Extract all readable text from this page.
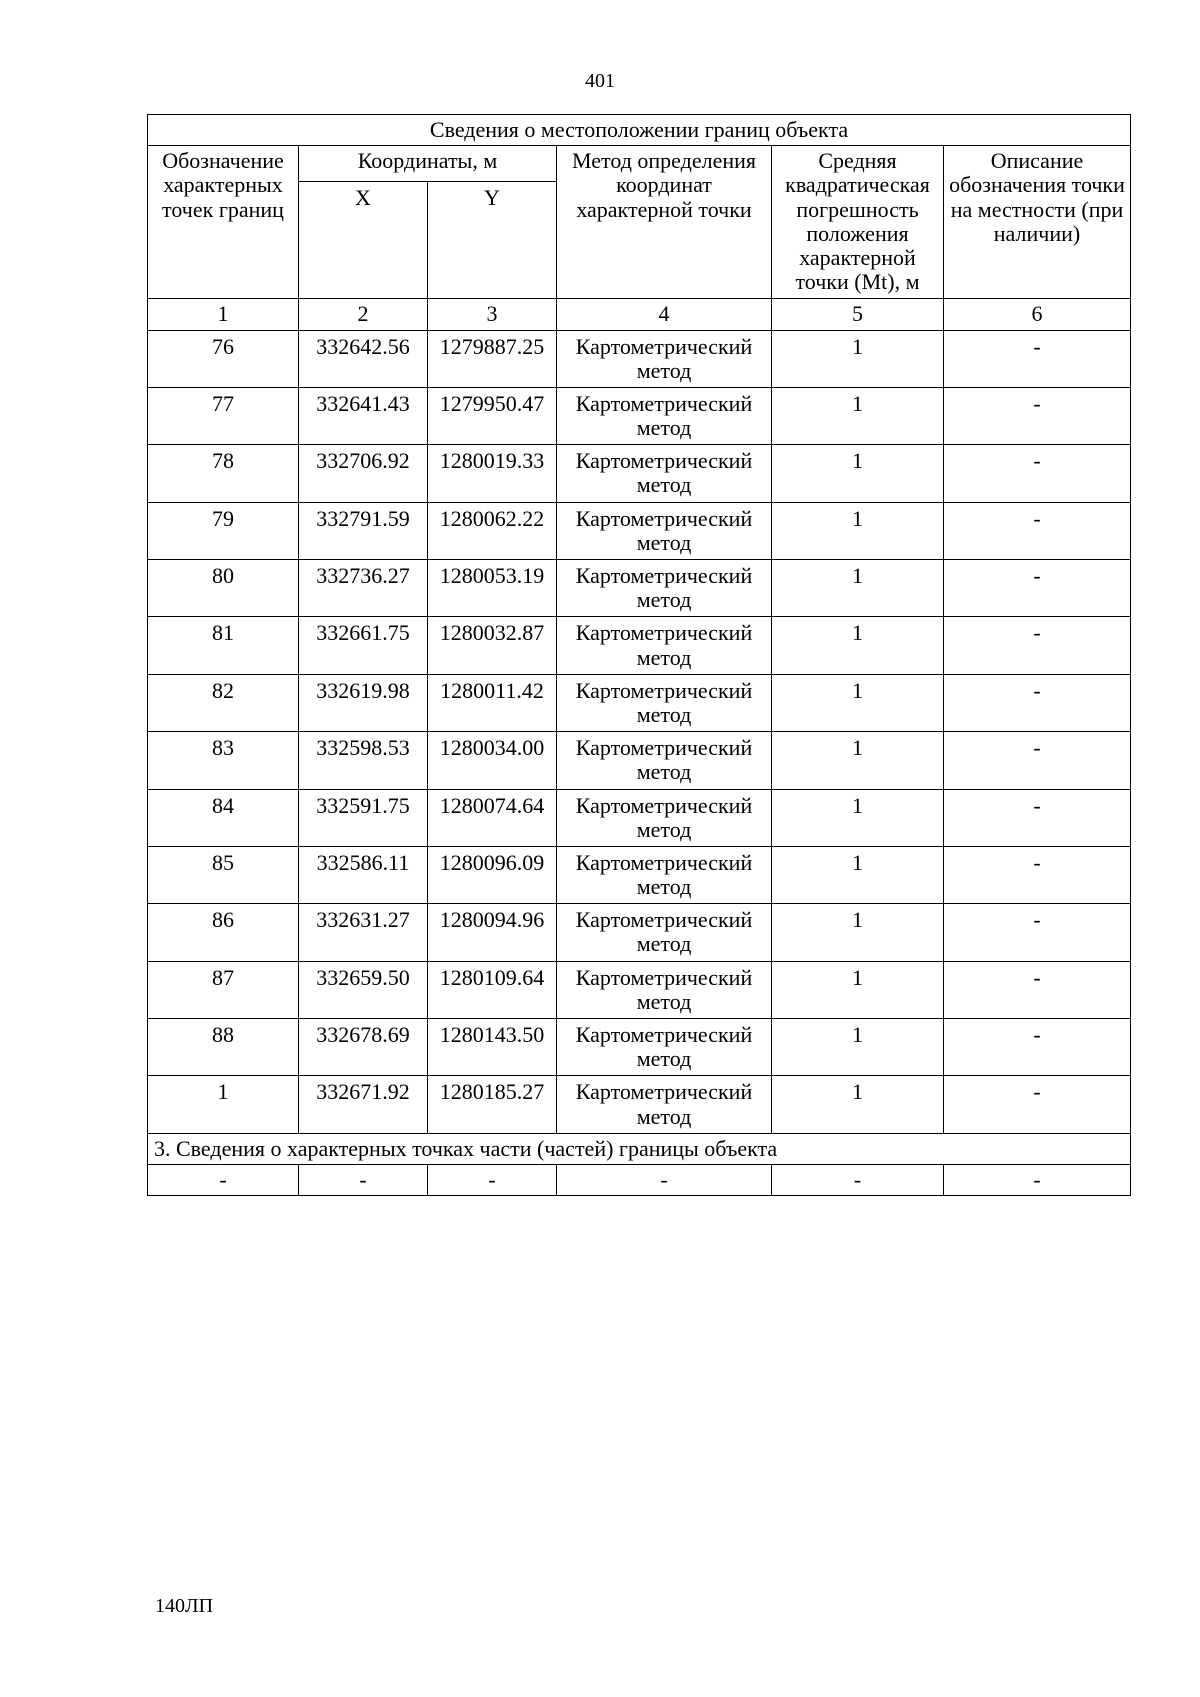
401
Сведения о местоположении границ объекта					
Обозначение характерных точек границ	Координаты, м		Метод определения координат характерной точки	Средняя квадратическая погрешность положения характерной точки (Mt), м	Описание обозначения точки на местности (при наличии)
	X	Y			
1	2	3	4	5	6
76	332642.56	1279887.25	Картометрический метод	1	-
77	332641.43	1279950.47	Картометрический метод	1	-
78	332706.92	1280019.33	Картометрический метод	1	-
79	332791.59	1280062.22	Картометрический метод	1	-
80	332736.27	1280053.19	Картометрический метод	1	-
81	332661.75	1280032.87	Картометрический метод	1	-
82	332619.98	1280011.42	Картометрический метод	1	-
83	332598.53	1280034.00	Картометрический метод	1	-
84	332591.75	1280074.64	Картометрический метод	1	-
85	332586.11	1280096.09	Картометрический метод	1	-
86	332631.27	1280094.96	Картометрический метод	1	-
87	332659.50	1280109.64	Картометрический метод	1	-
88	332678.69	1280143.50	Картометрический метод	1	-
1	332671.92	1280185.27	Картометрический метод	1	-
3. Сведения о характерных точках части (частей) границы объекта					
-	-	-	-	-	-
140ЛП
